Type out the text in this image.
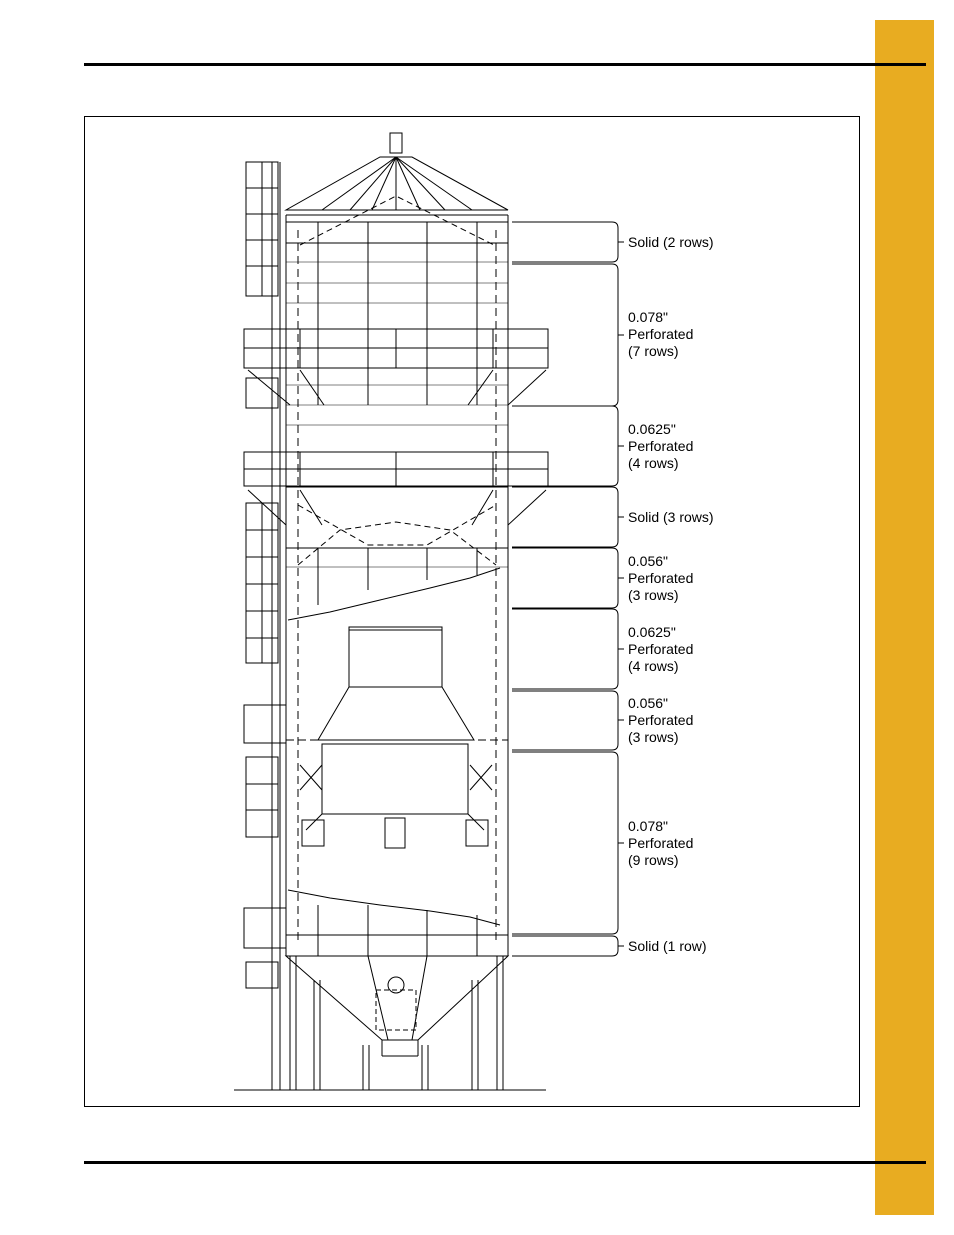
Solid (2 rows)
0.078"
Perforated
(7 rows)
0.0625"
Perforated
(4 rows)
Solid (3 rows)
0.056"
Perforated
(3 rows)
0.0625"
Perforated
(4 rows)
0.056"
Perforated
(3 rows)
0.078"
Perforated
(9 rows)
Solid (1 row)
